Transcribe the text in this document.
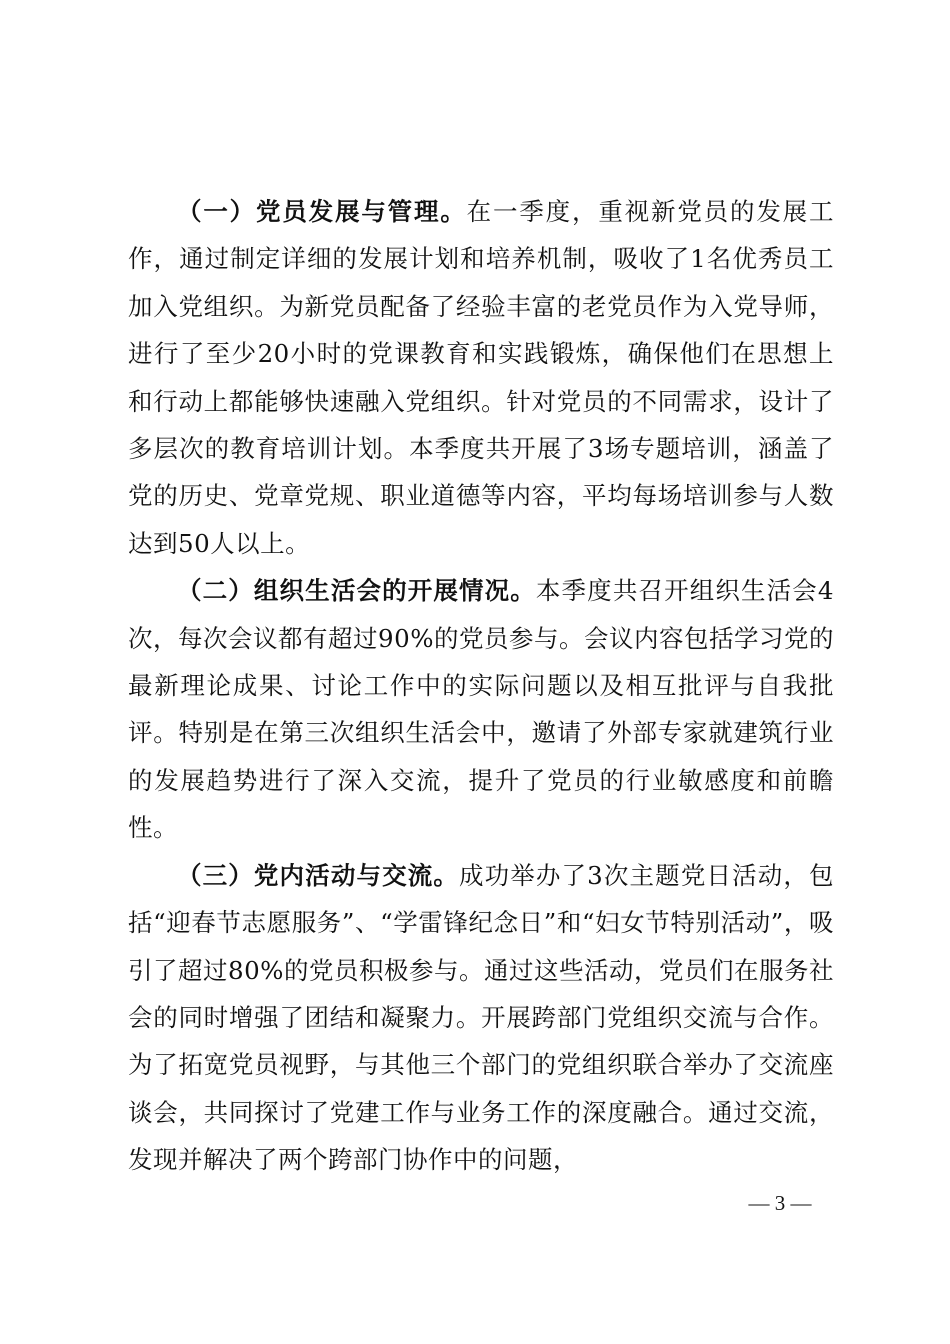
（一）党员发展与管理。在一季度，重视新党员的发展工作，通过制定详细的发展计划和培养机制，吸收了1名优秀员工加入党组织。为新党员配备了经验丰富的老党员作为入党导师，进行了至少20小时的党课教育和实践锻炼，确保他们在思想上和行动上都能够快速融入党组织。针对党员的不同需求，设计了多层次的教育培训计划。本季度共开展了3场专题培训，涵盖了党的历史、党章党规、职业道德等内容，平均每场培训参与人数达到50人以上。

（二）组织生活会的开展情况。本季度共召开组织生活会4次，每次会议都有超过90%的党员参与。会议内容包括学习党的最新理论成果、讨论工作中的实际问题以及相互批评与自我批评。特别是在第三次组织生活会中，邀请了外部专家就建筑行业的发展趋势进行了深入交流，提升了党员的行业敏感度和前瞻性。

（三）党内活动与交流。成功举办了3次主题党日活动，包括“迎春节志愿服务”、“学雷锋纪念日”和“妇女节特别活动”，吸引了超过80%的党员积极参与。通过这些活动，党员们在服务社会的同时增强了团结和凝聚力。开展跨部门党组织交流与合作。为了拓宽党员视野，与其他三个部门的党组织联合举办了交流座谈会，共同探讨了党建工作与业务工作的深度融合。通过交流，发现并解决了两个跨部门协作中的问题，

— 3 —
